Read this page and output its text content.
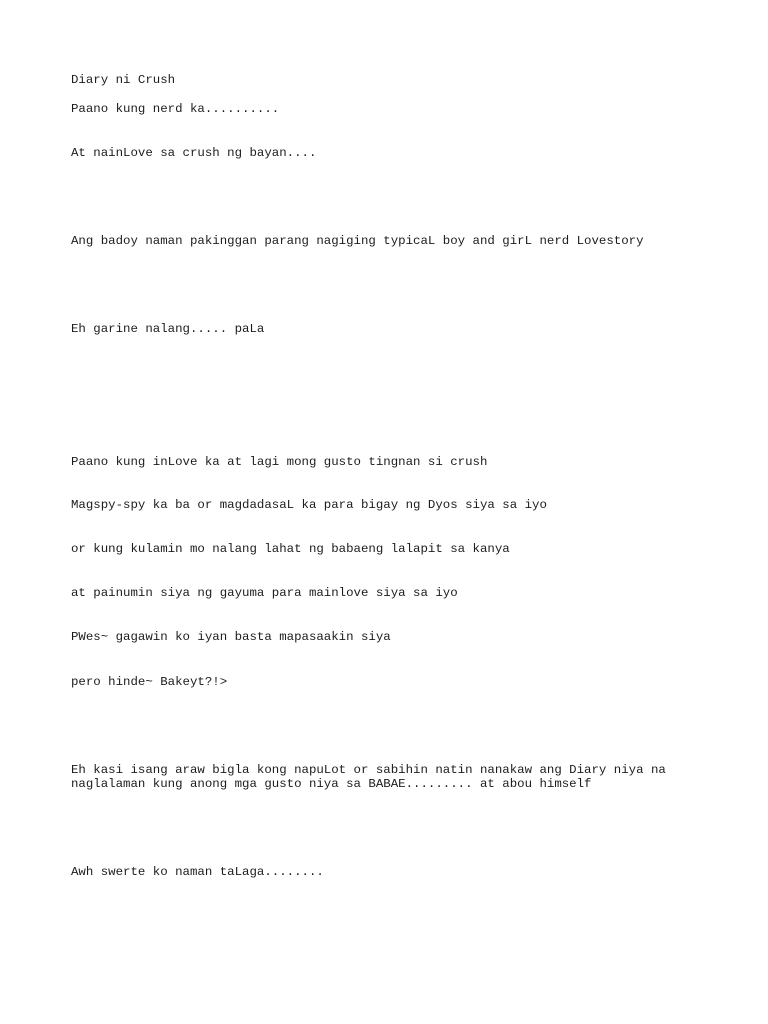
Diary ni Crush

Paano kung nerd ka..........

At nainLove sa crush ng bayan....

Ang badoy naman pakinggan parang nagiging typicaL boy and girL nerd Lovestory

Eh garine nalang..... paLa

Paano kung inLove ka at lagi mong gusto tingnan si crush

Magspy-spy ka ba or magdadasaL ka para bigay ng Dyos siya sa iyo

or kung kulamin mo nalang lahat ng babaeng lalapit sa kanya

at painumin siya ng gayuma para mainlove siya sa iyo

PWes~ gagawin ko iyan basta mapasaakin siya

pero hinde~ Bakeyt?!>

Eh kasi isang araw bigla kong napuLot or sabihin natin nanakaw ang Diary niya na
naglalaman kung anong mga gusto niya sa BABAE......... at abou himself

Awh swerte ko naman taLaga........
